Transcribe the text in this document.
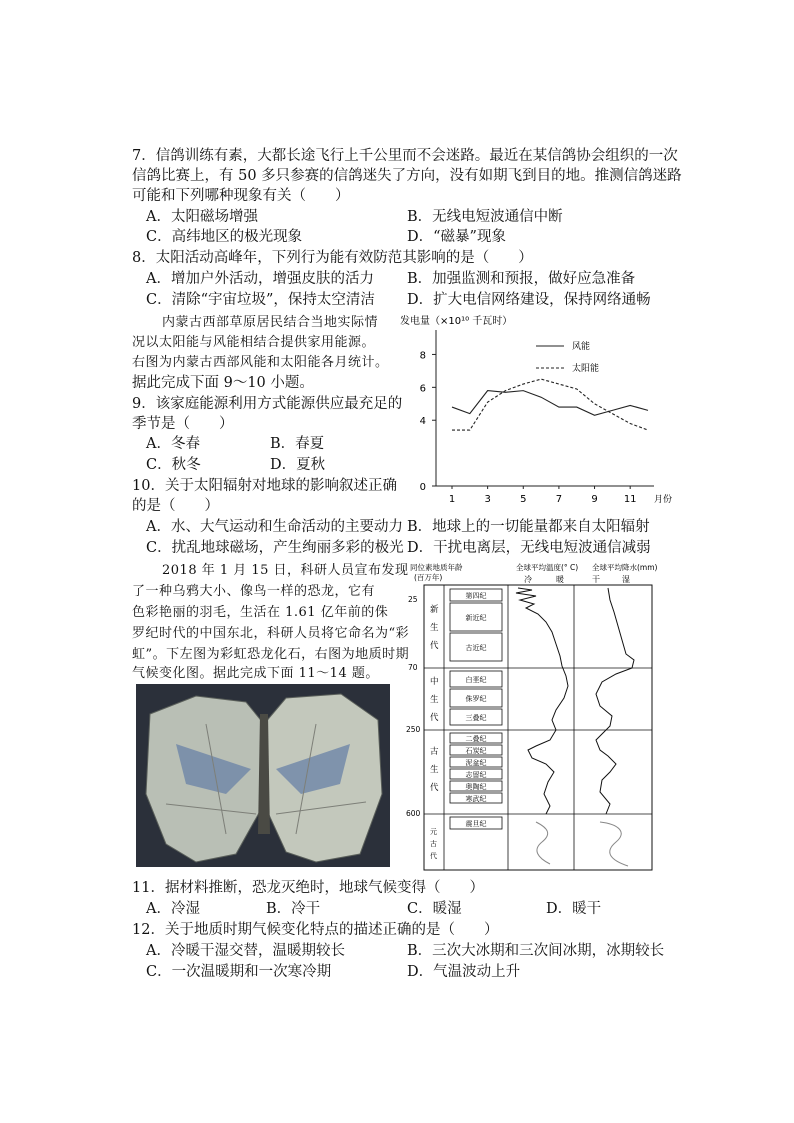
7．信鸽训练有素，大都长途飞行上千公里而不会迷路。最近在某信鸽协会组织的一次
信鸽比赛上，有 50 多只参赛的信鸽迷失了方向，没有如期飞到目的地。推测信鸽迷路
可能和下列哪种现象有关（　　）
A．太阳磁场增强	B．无线电短波通信中断
C．高纬地区的极光现象	D．“磁暴”现象
8．太阳活动高峰年，下列行为能有效防范其影响的是（　　）
A．增加户外活动，增强皮肤的活力 B．加强监测和预报，做好应急准备
C．清除“宇宙垃圾”，保持太空清洁 D．扩大电信网络建设，保持网络通畅
内蒙古西部草原居民结合当地实际情
况以太阳能与风能相结合提供家用能源。
右图为内蒙古西部风能和太阳能各月统计。
据此完成下面 9～10 小题。
9．该家庭能源利用方式能源供应最充足的
季节是（　　）
A．冬春	B．春夏
C．秋冬	D．夏秋
10．关于太阳辐射对地球的影响叙述正确
的是（　　）
A．水、大气运动和生命活动的主要动力 B．地球上的一切能量都来自太阳辐射
C．扰乱地球磁场，产生绚丽多彩的极光 D．干扰电离层，无线电短波通信减弱
2018 年 1 月 15 日，科研人员宣布发现
了一种乌鸦大小、像鸟一样的恐龙，它有
色彩艳丽的羽毛，生活在 1.61 亿年前的侏
罗纪时代的中国东北，科研人员将它命名为“彩
虹”。下左图为彩虹恐龙化石，右图为地质时期
气候变化图。据此完成下面 11～14 题。
发电量（×10¹⁰ 千瓦时）
0
4
6
8
1	3	5	7	9	11 月份
风能
太阳能
同位素地质年龄
(百万年)
全球平均温度(° C) 全球平均降水(mm)
冷	暖	干	湿
25
70
250
600
新
生
代
中
生
代
古
生
代
元
古
代
第四纪
新近纪
古近纪
白垩纪
侏罗纪
三叠纪
二叠纪
石炭纪
泥盆纪
志留纪
奥陶纪
寒武纪
震旦纪
11．据材料推断，恐龙灭绝时，地球气候变得（　　）
A．冷湿	B．冷干	C．暖湿	D．暖干
12．关于地质时期气候变化特点的描述正确的是（　　）
A．冷暖干湿交替，温暖期较长	B．三次大冰期和三次间冰期，冰期较长
C．一次温暖期和一次寒冷期	D．气温波动上升
